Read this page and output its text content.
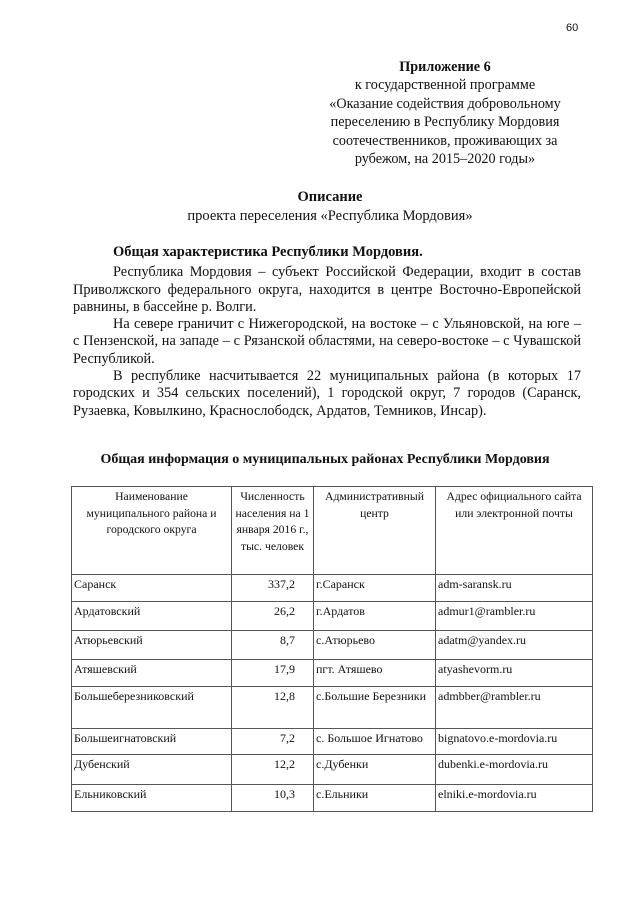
60
Приложение 6
к государственной программе
«Оказание содействия добровольному
переселению в Республику Мордовия
соотечественников, проживающих за
рубежом, на 2015–2020 годы»
Описание
проекта переселения «Республика Мордовия»
Общая характеристика Республики Мордовия.

Республика Мордовия – субъект Российской Федерации, входит в состав Приволжского федерального округа, находится в центре Восточно-Европейской равнины, в бассейне р. Волги.

На севере граничит с Нижегородской, на востоке – с Ульяновской, на юге – с Пензенской, на западе – с Рязанской областями, на северо-востоке – с Чувашской Республикой.

В республике насчитывается 22 муниципальных района (в которых 17 городских и 354 сельских поселений), 1 городской округ, 7 городов (Саранск, Рузаевка, Ковылкино, Краснослободск, Ардатов, Темников, Инсар).

Общая информация о муниципальных районах Республики Мордовия
Наименование муниципального района и городского округа	Численность населения на 1 января 2016 г., тыс. человек	Административный центр	Адрес официального сайта или электронной почты
Саранск	337,2	г.Саранск	adm-saransk.ru
Ардатовский	26,2	г.Ардатов	admur1@rambler.ru
Атюрьевский	8,7	с.Атюрьево	adatm@yandex.ru
Атяшевский	17,9	пгт. Атяшево	atyashevorm.ru
Большеберезниковский	12,8	с.Большие Березники	admbber@rambler.ru
Большеигнатовский	7,2	с. Большое Игнатово	bignatovo.e-mordovia.ru
Дубенский	12,2	с.Дубенки	dubenki.e-mordovia.ru
Ельниковский	10,3	с.Ельники	elniki.e-mordovia.ru
